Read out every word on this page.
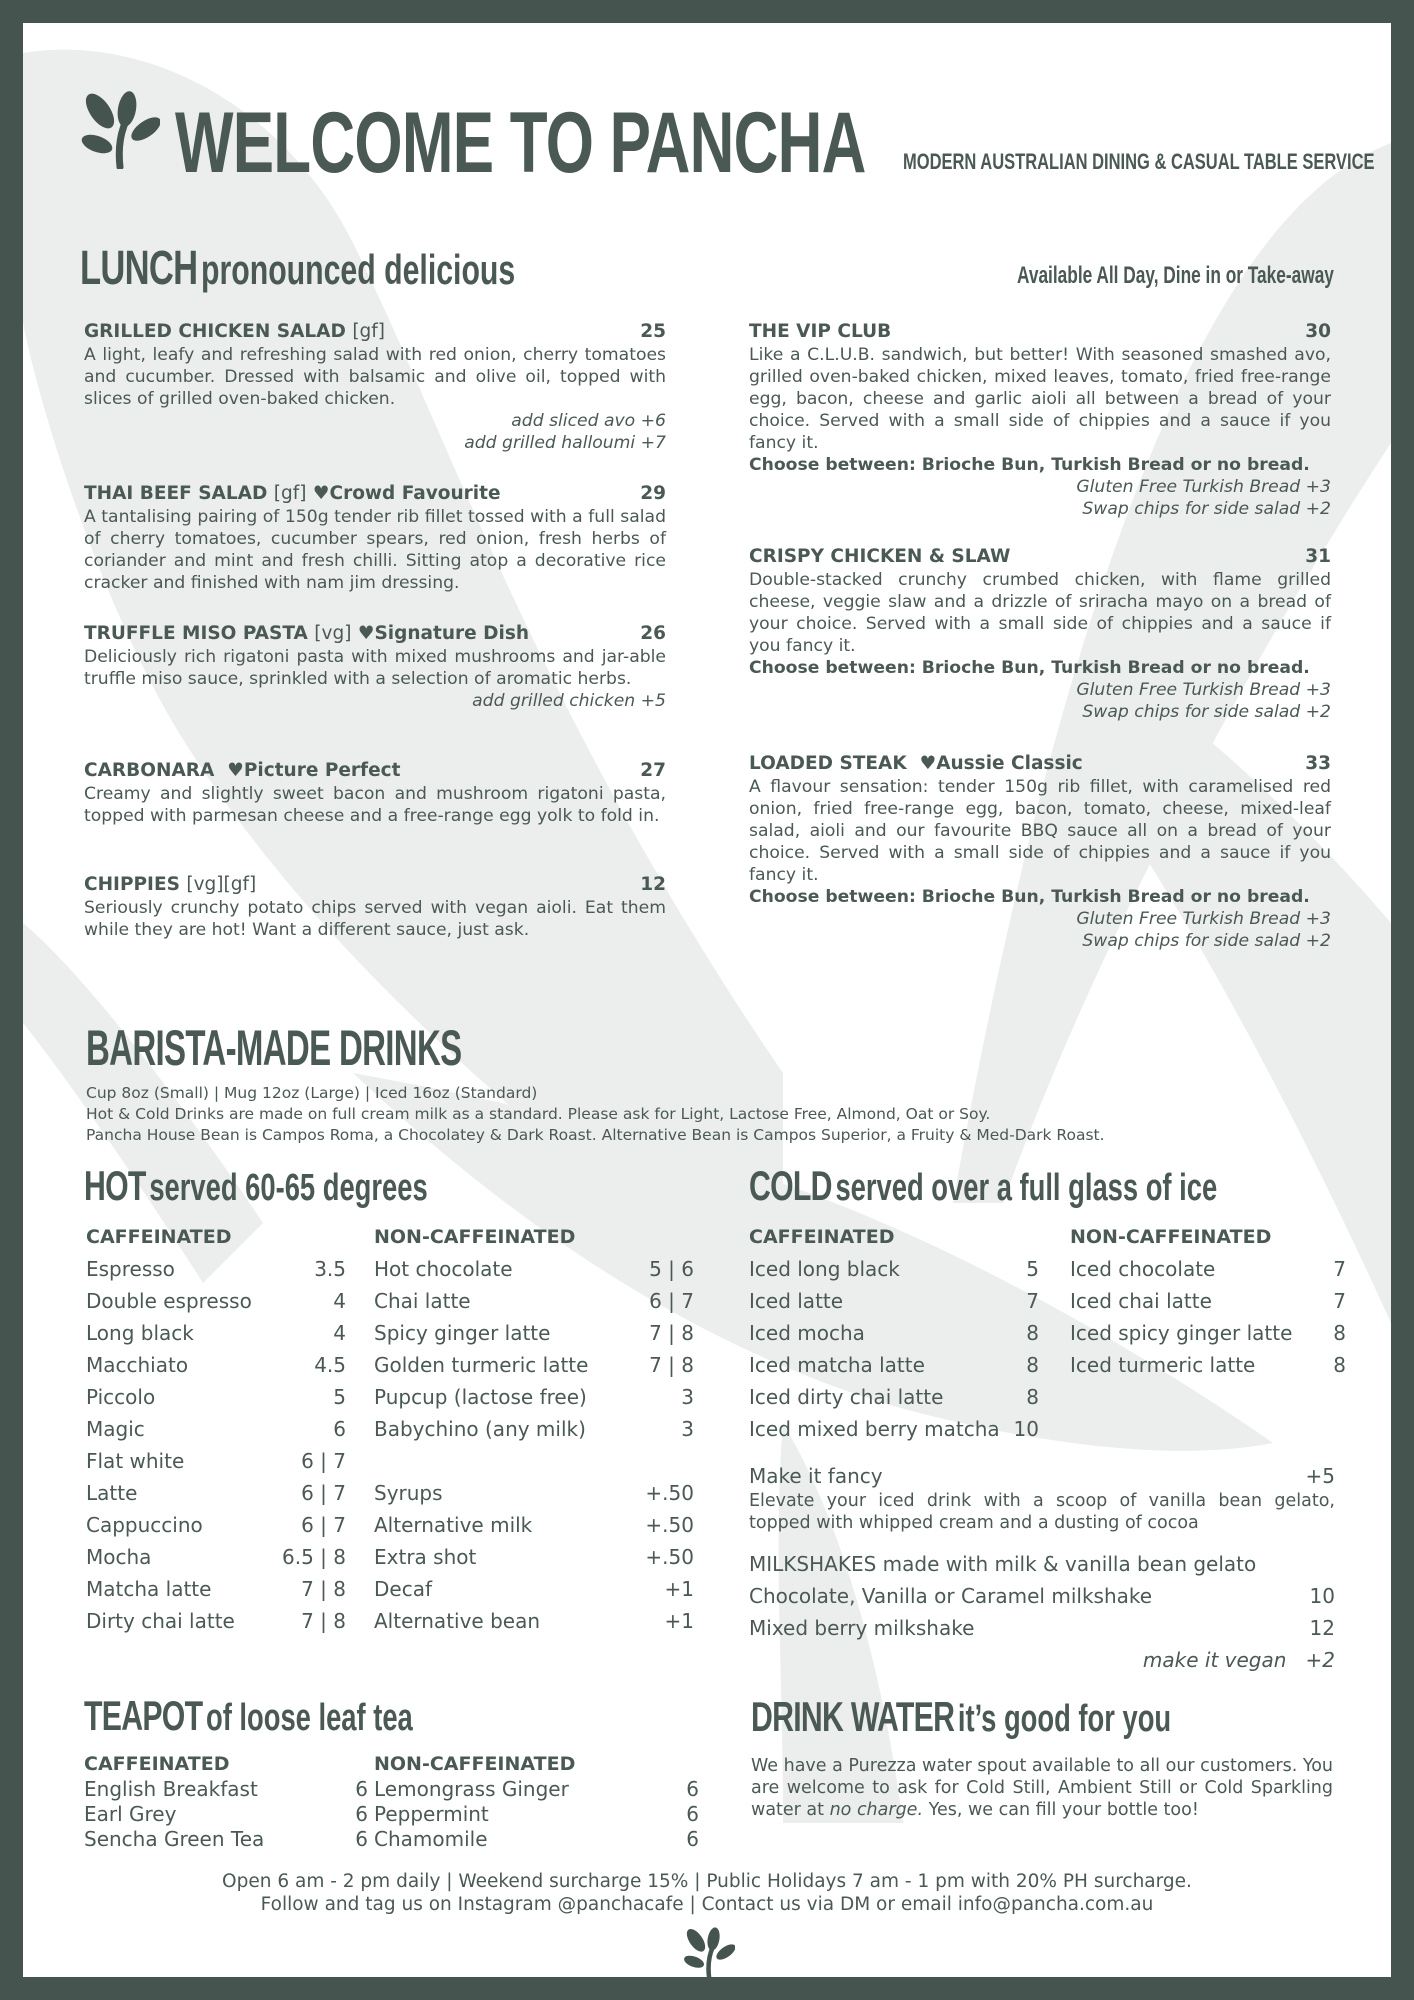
WELCOME TO PANCHA MODERN AUSTRALIAN DINING & CASUAL TABLE SERVICE
LUNCH pronounced delicious	Available All Day, Dine in or Take-away
GRILLED CHICKEN SALAD [gf]	25
A light, leafy and refreshing salad with red onion, cherry tomatoes and cucumber. Dressed with balsamic and olive oil, topped with slices of grilled oven-baked chicken.
add sliced avo +6
add grilled halloumi +7
THAI BEEF SALAD [gf] ♥Crowd Favourite	29
A tantalising pairing of 150g tender rib fillet tossed with a full salad of cherry tomatoes, cucumber spears, red onion, fresh herbs of coriander and mint and fresh chilli. Sitting atop a decorative rice cracker and finished with nam jim dressing.
TRUFFLE MISO PASTA [vg] ♥Signature Dish	26
Deliciously rich rigatoni pasta with mixed mushrooms and jar-able truffle miso sauce, sprinkled with a selection of aromatic herbs.
add grilled chicken +5
CARBONARA ♥Picture Perfect	27
Creamy and slightly sweet bacon and mushroom rigatoni pasta, topped with parmesan cheese and a free-range egg yolk to fold in.
CHIPPIES [vg][gf]	12
Seriously crunchy potato chips served with vegan aioli. Eat them while they are hot! Want a different sauce, just ask.
THE VIP CLUB	30
Like a C.L.U.B. sandwich, but better! With seasoned smashed avo, grilled oven-baked chicken, mixed leaves, tomato, fried free-range egg, bacon, cheese and garlic aioli all between a bread of your choice. Served with a small side of chippies and a sauce if you fancy it.
Choose between: Brioche Bun, Turkish Bread or no bread.
Gluten Free Turkish Bread +3
Swap chips for side salad +2
CRISPY CHICKEN & SLAW	31
Double-stacked crunchy crumbed chicken, with flame grilled cheese, veggie slaw and a drizzle of sriracha mayo on a bread of your choice. Served with a small side of chippies and a sauce if you fancy it.
Choose between: Brioche Bun, Turkish Bread or no bread.
Gluten Free Turkish Bread +3
Swap chips for side salad +2
LOADED STEAK ♥Aussie Classic	33
A flavour sensation: tender 150g rib fillet, with caramelised red onion, fried free-range egg, bacon, tomato, cheese, mixed-leaf salad, aioli and our favourite BBQ sauce all on a bread of your choice. Served with a small side of chippies and a sauce if you fancy it.
Choose between: Brioche Bun, Turkish Bread or no bread.
Gluten Free Turkish Bread +3
Swap chips for side salad +2
BARISTA-MADE DRINKS
Cup 8oz (Small) | Mug 12oz (Large) | Iced 16oz (Standard)
Hot & Cold Drinks are made on full cream milk as a standard. Please ask for Light, Lactose Free, Almond, Oat or Soy.
Pancha House Bean is Campos Roma, a Chocolatey & Dark Roast. Alternative Bean is Campos Superior, a Fruity & Med-Dark Roast.
HOT served 60-65 degrees	COLD served over a full glass of ice
CAFFEINATED
Espresso	3.5
Double espresso	4
Long black	4
Macchiato	4.5
Piccolo	5
Magic	6
Flat white	6 | 7
Latte	6 | 7
Cappuccino	6 | 7
Mocha	6.5 | 8
Matcha latte	7 | 8
Dirty chai latte	7 | 8
NON-CAFFEINATED
Hot chocolate	5 | 6
Chai latte	6 | 7
Spicy ginger latte	7 | 8
Golden turmeric latte	7 | 8
Pupcup (lactose free)	3
Babychino (any milk)	3
Syrups	+.50
Alternative milk	+.50
Extra shot	+.50
Decaf	+1
Alternative bean	+1
CAFFEINATED
Iced long black	5
Iced latte	7
Iced mocha	8
Iced matcha latte	8
Iced dirty chai latte	8
Iced mixed berry matcha 10
NON-CAFFEINATED
Iced chocolate	7
Iced chai latte	7
Iced spicy ginger latte 8
Iced turmeric latte	8
Make it fancy	+5
Elevate your iced drink with a scoop of vanilla bean gelato, topped with whipped cream and a dusting of cocoa
MILKSHAKES made with milk & vanilla bean gelato
Chocolate, Vanilla or Caramel milkshake	10
Mixed berry milkshake	12
make it vegan +2
TEAPOT of loose leaf tea
CAFFEINATED
English Breakfast	6
Earl Grey	6
Sencha Green Tea	6
NON-CAFFEINATED
Lemongrass Ginger	6
Peppermint	6
Chamomile	6
DRINK WATER it’s good for you
We have a Purezza water spout available to all our customers. You are welcome to ask for Cold Still, Ambient Still or Cold Sparkling water at no charge. Yes, we can fill your bottle too!
Open 6 am - 2 pm daily | Weekend surcharge 15% | Public Holidays 7 am - 1 pm with 20% PH surcharge.
Follow and tag us on Instagram @panchacafe | Contact us via DM or email info@pancha.com.au
